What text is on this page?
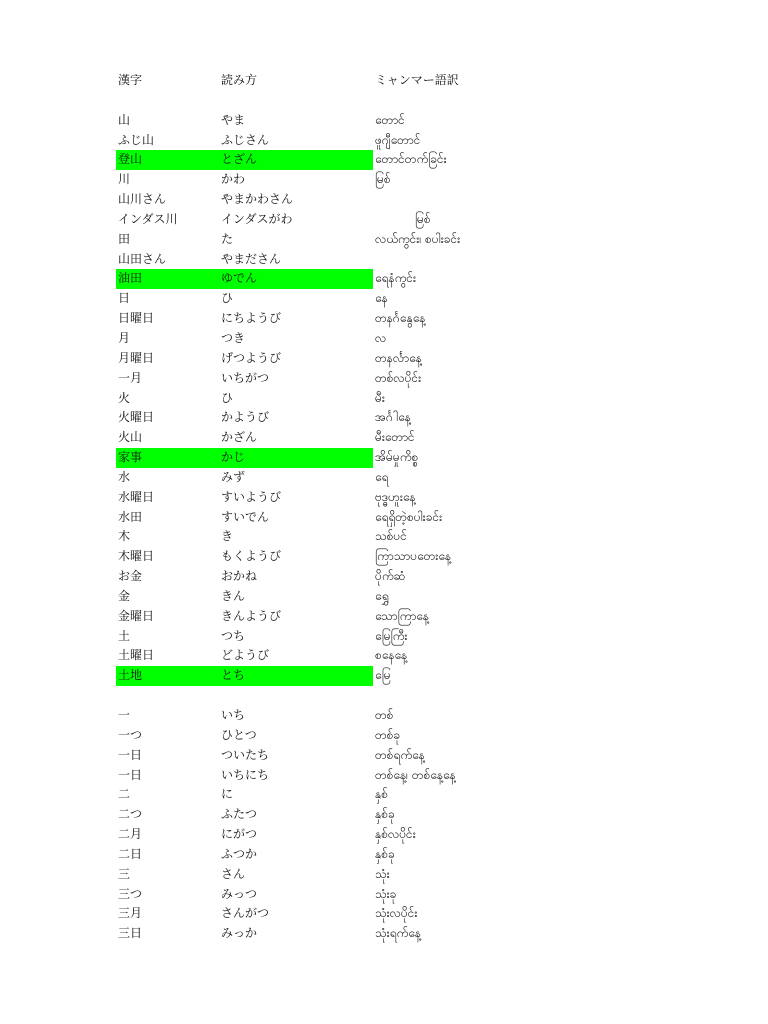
漢字	読み方	ミャンマー語訳
山	やま	တောင်
ふじ山	ふじさん	ဖူဂျီတောင်
登山	とざん	တောင်တက်ခြင်း
川	かわ	မြစ်
山川さん	やまかわさん
インダス川	インダスがわ	မြစ်
田	た	လယ်ကွင်း၊ စပါးခင်း
山田さん	やまださん
油田	ゆでん	ရေနံကွင်း
日	ひ	နေ
日曜日	にちようび	တနင်္ဂနွေနေ့
月	つき	လ
月曜日	げつようび	တနင်္လာနေ့
一月	いちがつ	တစ်လပိုင်း
火	ひ	မီး
火曜日	かようび	အင်္ဂါနေ့
火山	かざん	မီးတောင်
家事	かじ	အိမ်မှုကိစ္စ
水	みず	ရေ
水曜日	すいようび	ဗုဒ္ဓဟူးနေ့
水田	すいでん	ရေရှိတဲ့စပါးခင်း
木	き	သစ်ပင်
木曜日	もくようび	ကြာသာပတေးနေ့
お金	おかね	ပိုက်ဆံ
金	きん	ရွှေ
金曜日	きんようび	သောကြာနေ့
土	つち	မြေကြီး
土曜日	どようび	စနေနေ့
土地	とち	မြေ
一	いち	တစ်
一つ	ひとつ	တစ်ခု
一日	ついたち	တစ်ရက်နေ့
一日	いちにち	တစ်နေ့၊ တစ်နေ့နေ့
二	に	နှစ်
二つ	ふたつ	နှစ်ခု
二月	にがつ	နှစ်လပိုင်း
二日	ふつか	နှစ်ခု
三	さん	သုံး
三つ	みっつ	သုံးခု
三月	さんがつ	သုံးလပိုင်း
三日	みっか	သုံးရက်နေ့
